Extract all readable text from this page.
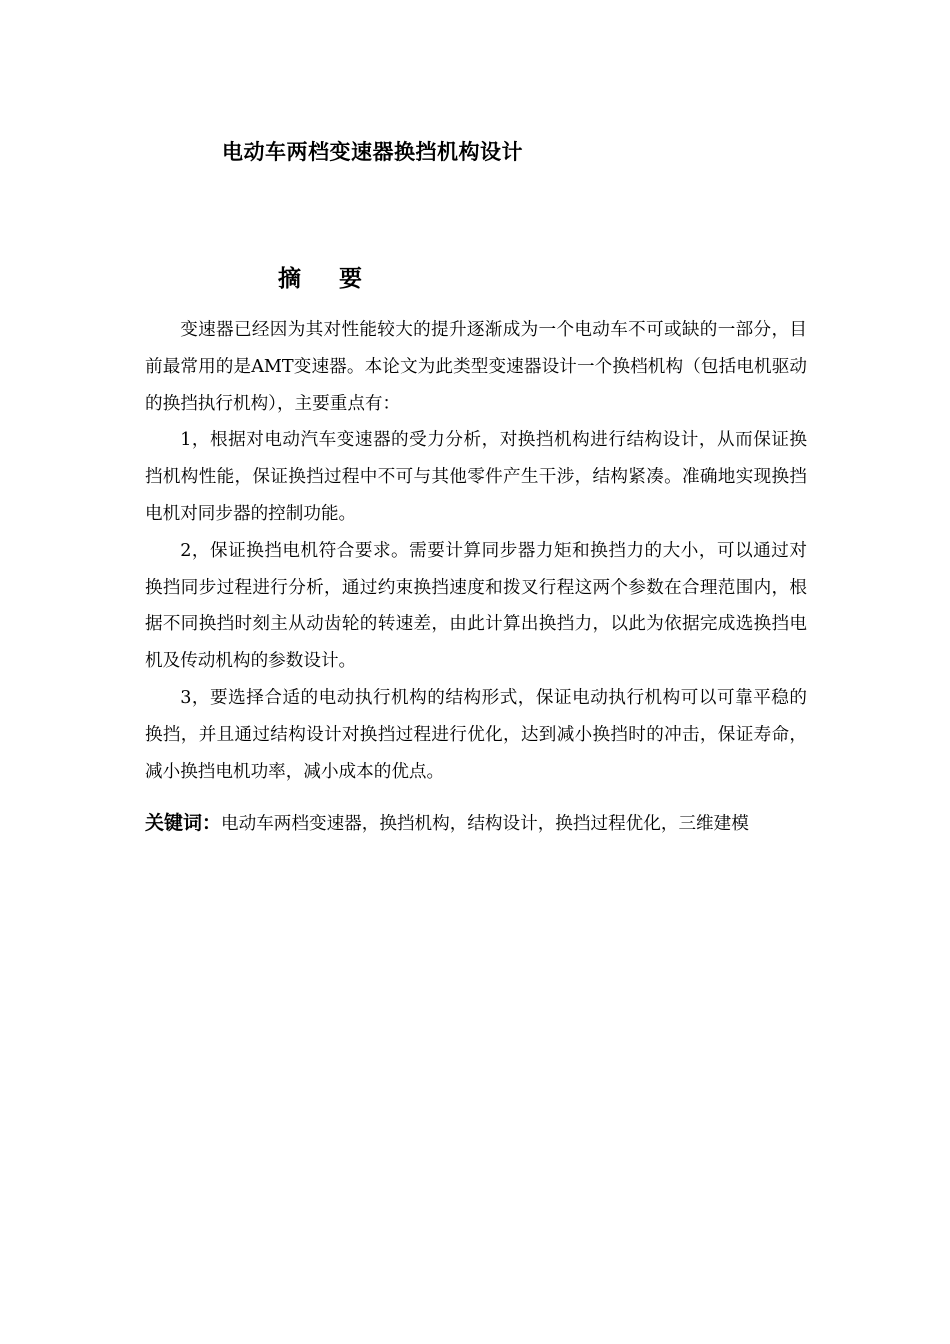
电动车两档变速器换挡机构设计
摘 要

变速器已经因为其对性能较大的提升逐渐成为一个电动车不可或缺的一部分，目前最常用的是AMT变速器。本论文为此类型变速器设计一个换档机构（包括电机驱动的换挡执行机构），主要重点有：

1，根据对电动汽车变速器的受力分析，对换挡机构进行结构设计，从而保证换挡机构性能，保证换挡过程中不可与其他零件产生干涉，结构紧凑。准确地实现换挡电机对同步器的控制功能。

2，保证换挡电机符合要求。需要计算同步器力矩和换挡力的大小，可以通过对换挡同步过程进行分析，通过约束换挡速度和拨叉行程这两个参数在合理范围内，根据不同换挡时刻主从动齿轮的转速差，由此计算出换挡力，以此为依据完成选换挡电机及传动机构的参数设计。

3，要选择合适的电动执行机构的结构形式，保证电动执行机构可以可靠平稳的换挡，并且通过结构设计对换挡过程进行优化，达到减小换挡时的冲击，保证寿命，减小换挡电机功率，减小成本的优点。

关键词：电动车两档变速器，换挡机构，结构设计，换挡过程优化，三维建模
